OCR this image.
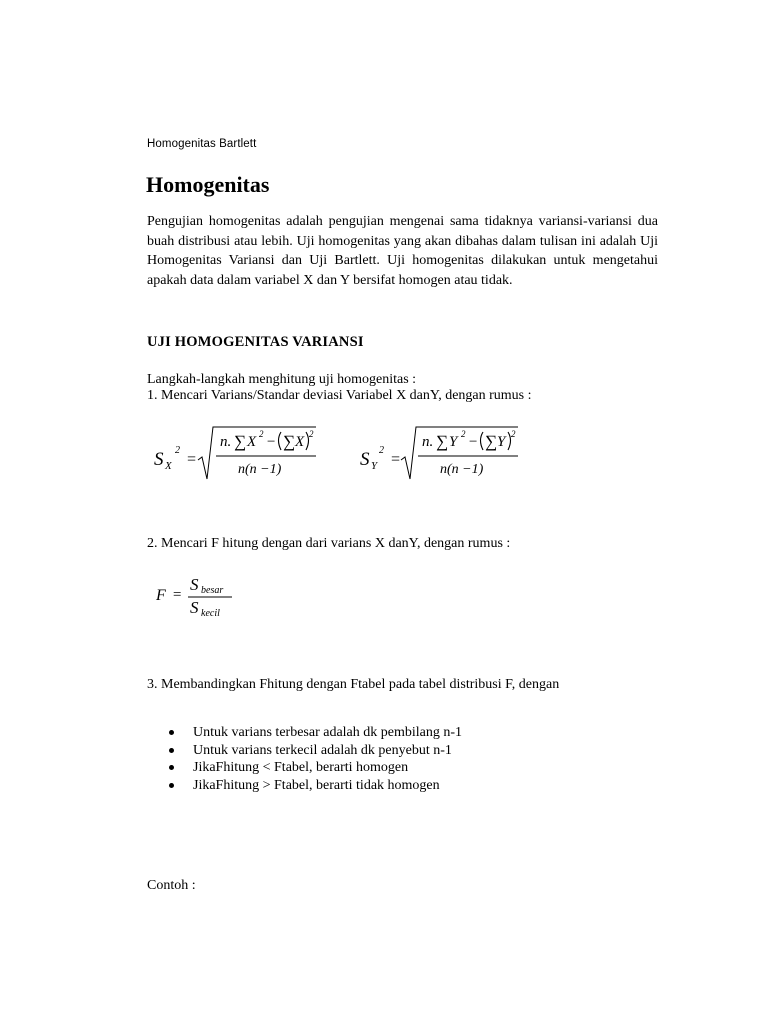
Homogenitas Bartlett
Homogenitas
Pengujian homogenitas adalah pengujian mengenai sama tidaknya variansi-variansi dua buah distribusi atau lebih. Uji homogenitas yang akan dibahas dalam tulisan ini adalah Uji Homogenitas Variansi dan Uji Bartlett. Uji homogenitas dilakukan untuk mengetahui apakah data dalam variabel X dan Y bersifat homogen atau tidak.
UJI HOMOGENITAS VARIANSI
Langkah-langkah menghitung uji homogenitas :
1. Mencari Varians/Standar deviasi Variabel X danY, dengan rumus :
S X
2
=
n. ∑ X 2 − ∑ X 2
n(n −1)	S Y
2
=
n. ∑ Y 2 − ∑ Y 2
n(n −1)
2. Mencari F hitung dengan dari varians X danY, dengan rumus :
F =
S besar
S kecil
3. Membandingkan Fhitung dengan Ftabel pada tabel distribusi F, dengan
Untuk varians terbesar adalah dk pembilang n-1
Untuk varians terkecil adalah dk penyebut n-1
JikaFhitung < Ftabel, berarti homogen
JikaFhitung > Ftabel, berarti tidak homogen
Contoh :
